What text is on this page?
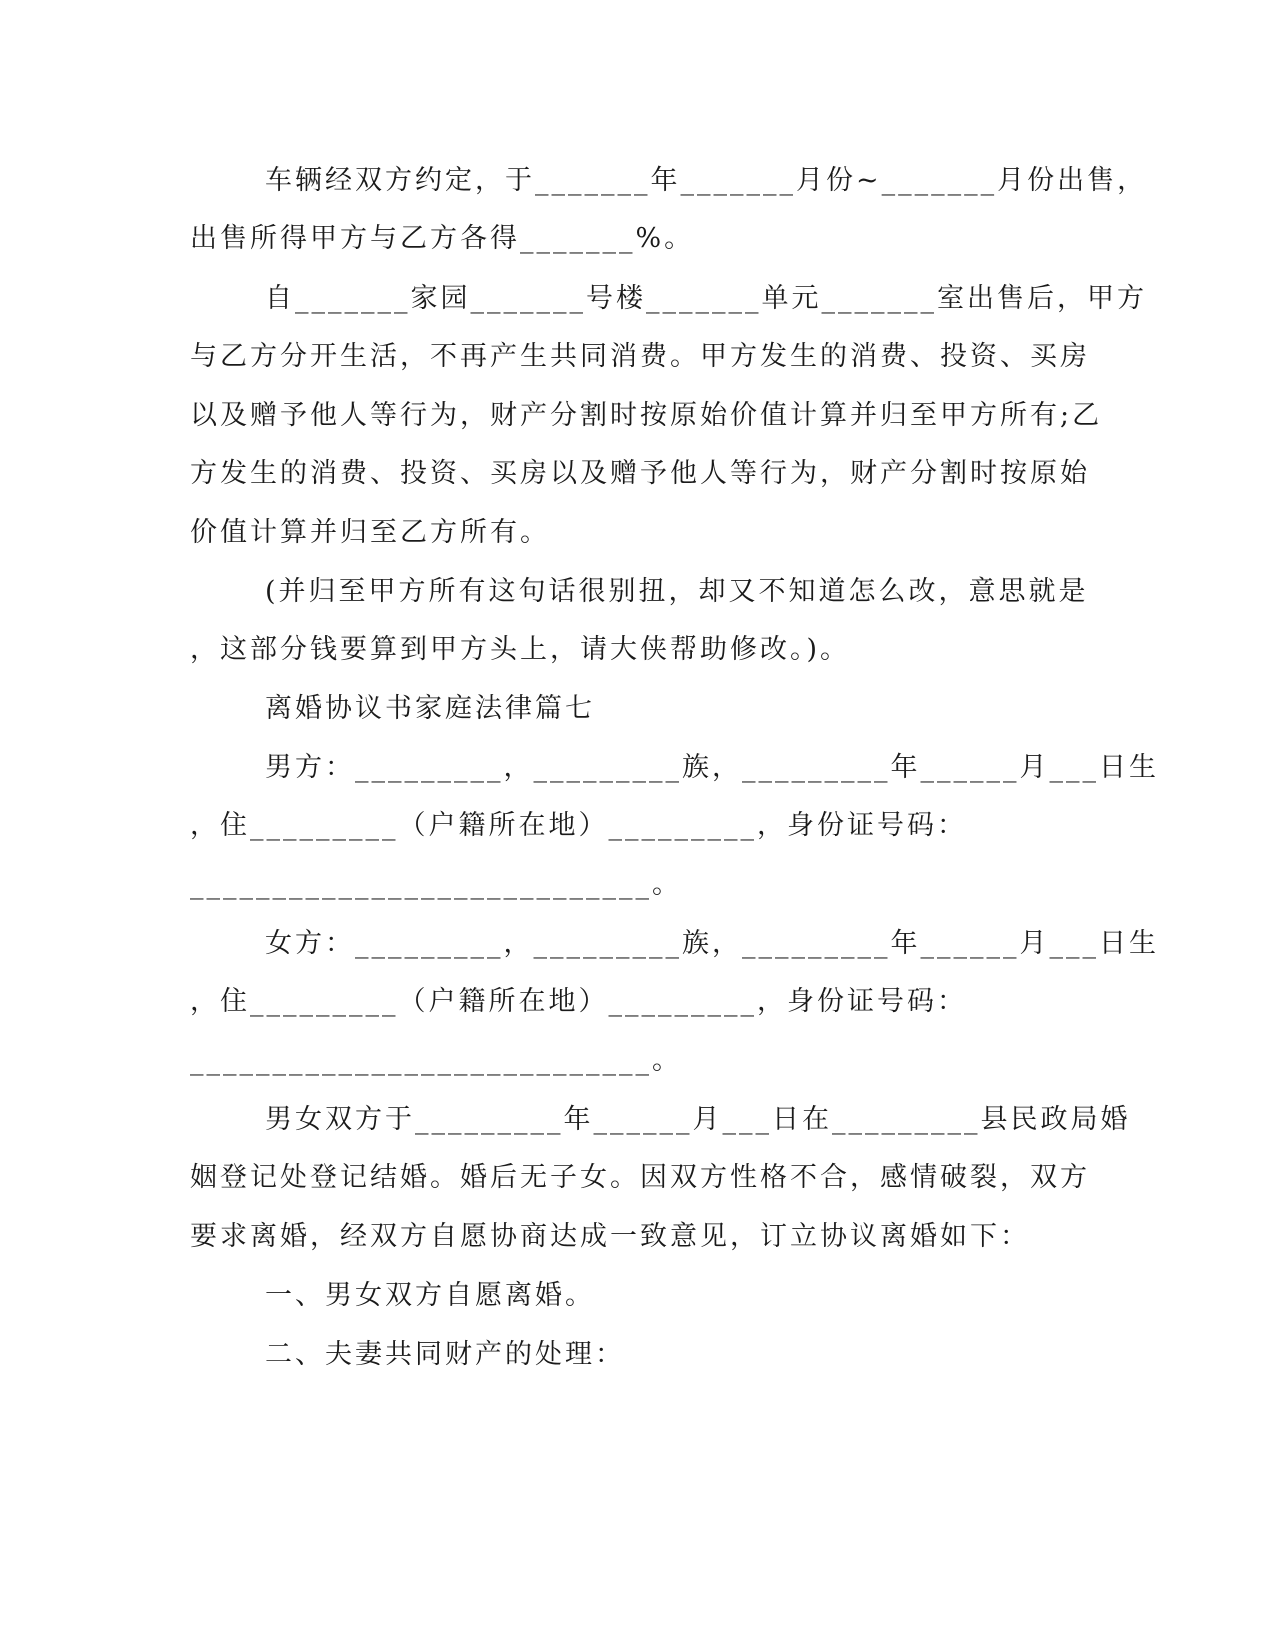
车辆经双方约定，于_______年_______月份~_______月份出售，
出售所得甲方与乙方各得_______%。
自_______家园_______号楼_______单元_______室出售后，甲方
与乙方分开生活，不再产生共同消费。甲方发生的消费、投资、买房
以及赠予他人等行为，财产分割时按原始价值计算并归至甲方所有;乙
方发生的消费、投资、买房以及赠予他人等行为，财产分割时按原始
价值计算并归至乙方所有。
(并归至甲方所有这句话很别扭，却又不知道怎么改，意思就是
，这部分钱要算到甲方头上，请大侠帮助修改。)。
离婚协议书家庭法律篇七
男方：_________，_________族，_________年______月___日生
，住_________（户籍所在地）_________，身份证号码：
____________________________。
女方：_________，_________族，_________年______月___日生
，住_________（户籍所在地）_________，身份证号码：
____________________________。
男女双方于_________年______月___日在_________县民政局婚
姻登记处登记结婚。婚后无子女。因双方性格不合，感情破裂，双方
要求离婚，经双方自愿协商达成一致意见，订立协议离婚如下：
一、男女双方自愿离婚。
二、夫妻共同财产的处理：
